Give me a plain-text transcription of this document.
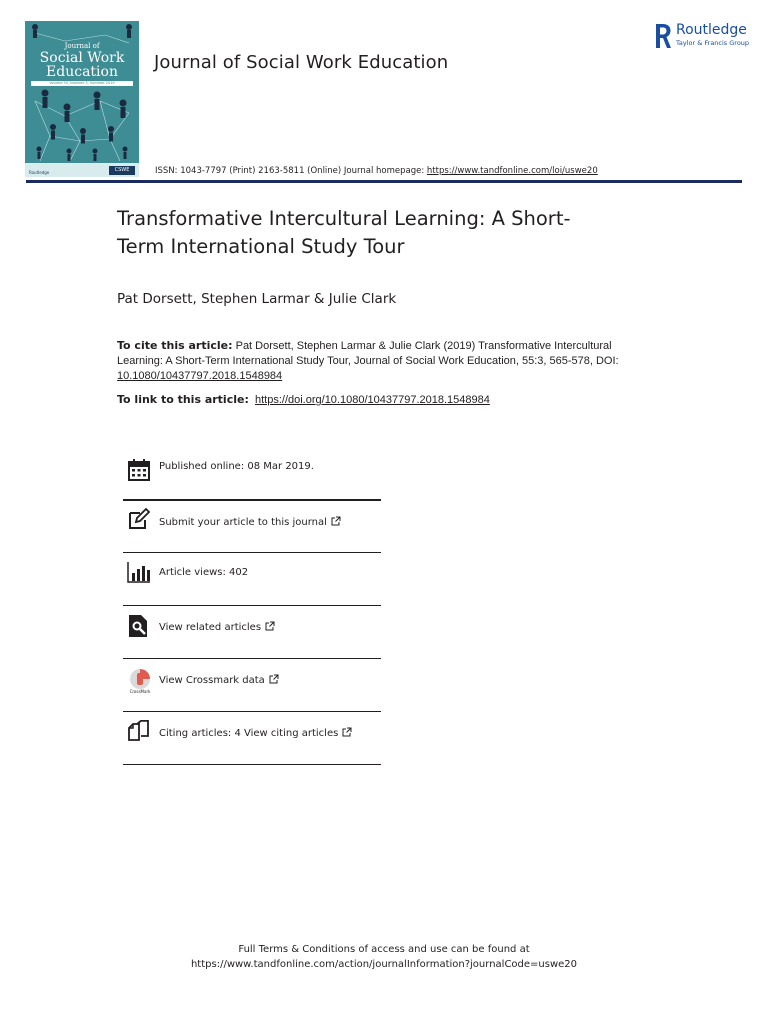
Journal of
Social Work
Education
Volume 55, Number 3, Summer 2019
Routledge	CSWE
Journal of Social Work Education
Routledge
Taylor & Francis Group
ISSN: 1043-7797 (Print) 2163-5811 (Online) Journal homepage: https://www.tandfonline.com/loi/uswe20
Transformative Intercultural Learning: A Short-
Term International Study Tour
Pat Dorsett, Stephen Larmar & Julie Clark
To cite this article: Pat Dorsett, Stephen Larmar & Julie Clark (2019) Transformative Intercultural Learning: A Short-Term International Study Tour, Journal of Social Work Education, 55:3, 565-578, DOI: 10.1080/10437797.2018.1548984
To link to this article: https://doi.org/10.1080/10437797.2018.1548984
Published online: 08 Mar 2019.
Submit your article to this journal
Article views: 402
View related articles
CrossMark
View Crossmark data
Citing articles: 4 View citing articles
Full Terms & Conditions of access and use can be found at
https://www.tandfonline.com/action/journalInformation?journalCode=uswe20
